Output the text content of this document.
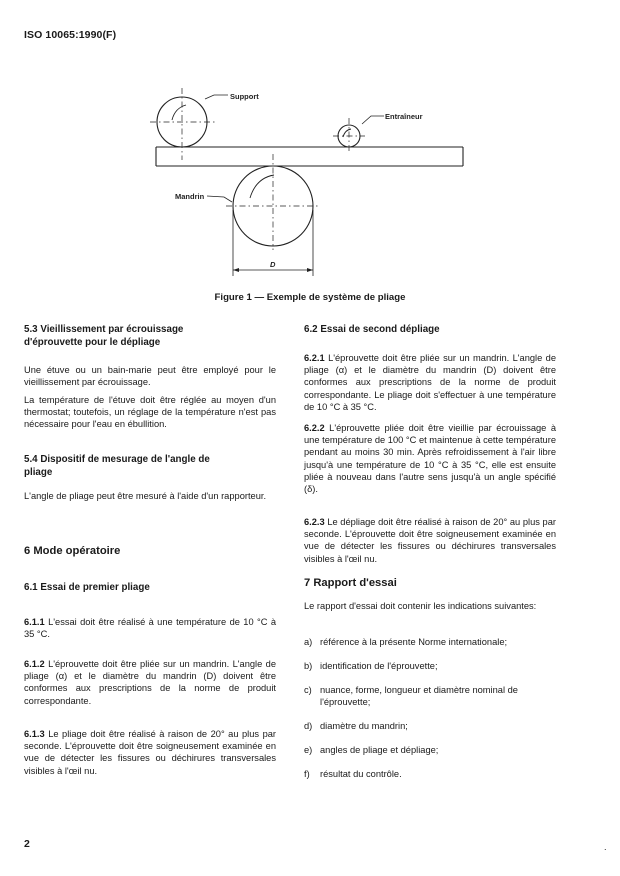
ISO 10065:1990(F)
Support
Entraîneur
Mandrin
D
Figure 1 — Exemple de système de pliage
5.3 Vieillissement par écrouissage
d'éprouvette pour le dépliage

Une étuve ou un bain-marie peut être employé pour le vieillissement par écrouissage.

La température de l'étuve doit être réglée au moyen d'un thermostat; toutefois, un réglage de la température n'est pas nécessaire pour l'eau en ébullition.

5.4 Dispositif de mesurage de l'angle de
pliage

L'angle de pliage peut être mesuré à l'aide d'un rapporteur.

6 Mode opératoire
6.1 Essai de premier pliage

6.1.1 L'essai doit être réalisé à une température de 10 °C à 35 °C.

6.1.2 L'éprouvette doit être pliée sur un mandrin. L'angle de pliage (α) et le diamètre du mandrin (D) doivent être conformes aux prescriptions de la norme de produit correspondante.

6.1.3 Le pliage doit être réalisé à raison de 20° au plus par seconde. L'éprouvette doit être soigneusement examinée en vue de détecter les fissures ou déchirures transversales visibles à l'œil nu.

6.2 Essai de second dépliage

6.2.1 L'éprouvette doit être pliée sur un mandrin. L'angle de pliage (α) et le diamètre du mandrin (D) doivent être conformes aux prescriptions de la norme de produit correspondante. Le pliage doit s'effectuer à une température de 10 °C à 35 °C.

6.2.2 L'éprouvette pliée doit être vieillie par écrouissage à une température de 100 °C et maintenue à cette température pendant au moins 30 min. Après refroidissement à l'air libre jusqu'à une température de 10 °C à 35 °C, elle est ensuite pliée à nouveau dans l'autre sens jusqu'à un angle spécifié (δ).

6.2.3 Le dépliage doit être réalisé à raison de 20° au plus par seconde. L'éprouvette doit être soigneusement examinée en vue de détecter les fissures ou déchirures transversales visibles à l'œil nu.

7 Rapport d'essai

Le rapport d'essai doit contenir les indications suivantes:

a) référence à la présente Norme internationale;
b) identification de l'éprouvette;
c) nuance, forme, longueur et diamètre nominal de l'éprouvette;
d) diamètre du mandrin;
e) angles de pliage et dépliage;
f)	résultat du contrôle.
2	.
